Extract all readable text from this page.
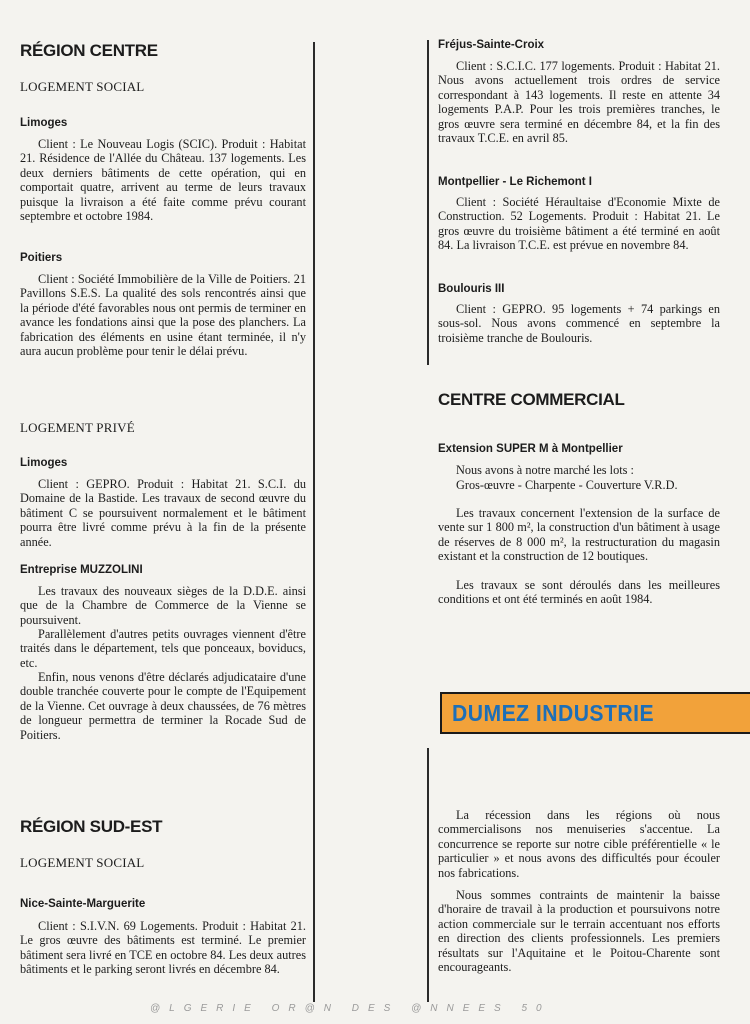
RÉGION CENTRE

LOGEMENT SOCIAL

Limoges

Client : Le Nouveau Logis (SCIC). Produit : Habitat 21. Résidence de l'Allée du Château. 137 logements. Les deux derniers bâtiments de cette opération, qui en comportait quatre, arrivent au terme de leurs travaux puisque la livraison a été faite comme prévu courant septembre et octobre 1984.

Poitiers

Client : Société Immobilière de la Ville de Poitiers. 21 Pavillons S.E.S. La qualité des sols rencontrés ainsi que la période d'été favorables nous ont permis de terminer en avance les fondations ainsi que la pose des planchers. La fabrication des éléments en usine étant terminée, il n'y aura aucun problème pour tenir le délai prévu.

LOGEMENT PRIVÉ

Limoges

Client : GEPRO. Produit : Habitat 21. S.C.I. du Domaine de la Bastide. Les travaux de second œuvre du bâtiment C se poursuivent normalement et le bâtiment pourra être livré comme prévu à la fin de la présente année.

Entreprise MUZZOLINI

Les travaux des nouveaux sièges de la D.D.E. ainsi que de la Chambre de Commerce de la Vienne se poursuivent.

Parallèlement d'autres petits ouvrages viennent d'être traités dans le département, tels que ponceaux, boviducs, etc.

Enfin, nous venons d'être déclarés adjudicataire d'une double tranchée couverte pour le compte de l'Equipement de la Vienne. Cet ouvrage à deux chaussées, de 76 mètres de longueur permettra de terminer la Rocade Sud de Poitiers.

RÉGION SUD-EST

LOGEMENT SOCIAL

Nice-Sainte-Marguerite

Client : S.I.V.N. 69 Logements. Produit : Habitat 21. Le gros œuvre des bâtiments est terminé. Le premier bâtiment sera livré en TCE en octobre 84. Les deux autres bâtiments et le parking seront livrés en décembre 84.

Fréjus-Sainte-Croix

Client : S.C.I.C. 177 logements. Produit : Habitat 21. Nous avons actuellement trois ordres de service correspondant à 143 logements. Il reste en attente 34 logements P.A.P. Pour les trois premières tranches, le gros œuvre sera terminé en décembre 84, et la fin des travaux T.C.E. en avril 85.

Montpellier - Le Richemont I

Client : Société Héraultaise d'Economie Mixte de Construction. 52 Logements. Produit : Habitat 21. Le gros œuvre du troisième bâtiment a été terminé en août 84. La livraison T.C.E. est prévue en novembre 84.

Boulouris III

Client : GEPRO. 95 logements + 74 parkings en sous-sol. Nous avons commencé en septembre la troisième tranche de Boulouris.

CENTRE COMMERCIAL

Extension SUPER M à Montpellier

Nous avons à notre marché les lots :

Gros-œuvre - Charpente - Couverture V.R.D.

Les travaux concernent l'extension de la surface de vente sur 1 800 m², la construction d'un bâtiment à usage de réserves de 8 000 m², la restructuration du magasin existant et la construction de 12 boutiques.

Les travaux se sont déroulés dans les meilleures conditions et ont été terminés en août 1984.

La récession dans les régions où nous commercialisons nos menuiseries s'accentue. La concurrence se reporte sur notre cible préférentielle « le particulier » et nous avons des difficultés pour écouler nos fabrications.

Nous sommes contraints de maintenir la baisse d'horaire de travail à la production et poursuivons notre action commerciale sur le terrain accentuant nos efforts en direction des clients professionnels. Les premiers résultats sur l'Aquitaine et le Poitou-Charente sont encourageants.

DUMEZ INDUSTRIE
@LGERIE OR@N DES @NNEES 50
